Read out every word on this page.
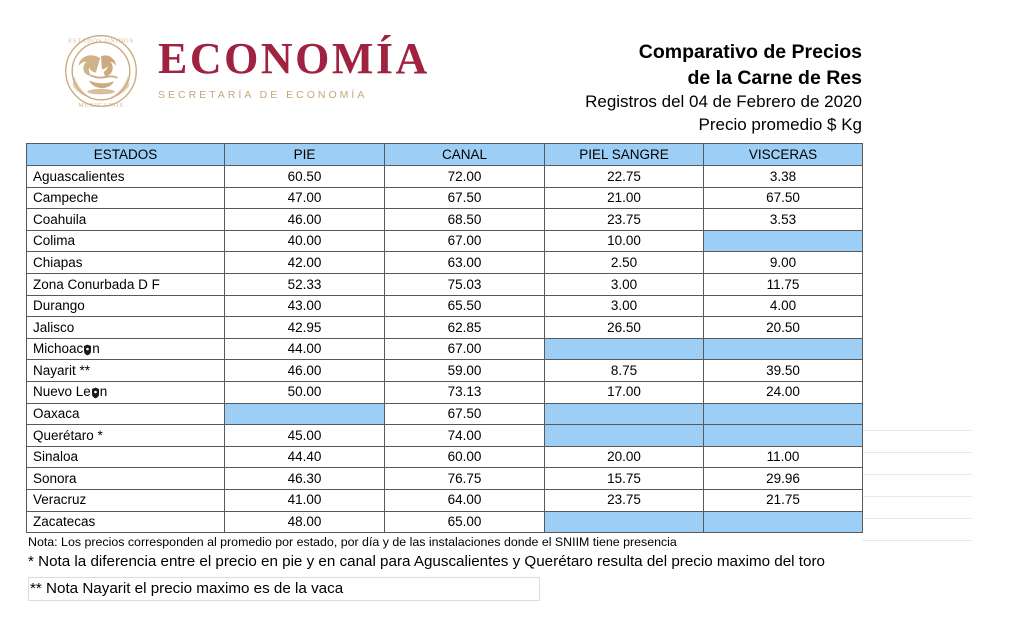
ESTADOS UNIDOS
MEXICANOS
ECONOMÍA
SECRETARÍA DE ECONOMÍA
Comparativo de Precios
de la Carne de Res
Registros del 04 de Febrero de 2020
Precio promedio $ Kg
ESTADOS	PIE	CANAL	PIEL SANGRE	VISCERAS
Aguascalientes	60.50	72.00	22.75	3.38
Campeche	47.00	67.50	21.00	67.50
Coahuila	46.00	68.50	23.75	3.53
Colima	40.00	67.00	10.00	
Chiapas	42.00	63.00	2.50	9.00
Zona Conurbada D F	52.33	75.03	3.00	11.75
Durango	43.00	65.50	3.00	4.00
Jalisco	42.95	62.85	26.50	20.50
Michoac n	44.00	67.00		
Nayarit **	46.00	59.00	8.75	39.50
Nuevo Le n	50.00	73.13	17.00	24.00
Oaxaca		67.50		
Querétaro *	45.00	74.00		
Sinaloa	44.40	60.00	20.00	11.00
Sonora	46.30	76.75	15.75	29.96
Veracruz	41.00	64.00	23.75	21.75
Zacatecas	48.00	65.00		
Nota: Los precios corresponden al promedio por estado, por día y de las instalaciones donde el SNIIM tiene presencia
* Nota la diferencia entre el precio en pie y en canal para Aguscalientes y Querétaro resulta del precio maximo del toro
** Nota Nayarit el precio maximo es de la vaca
